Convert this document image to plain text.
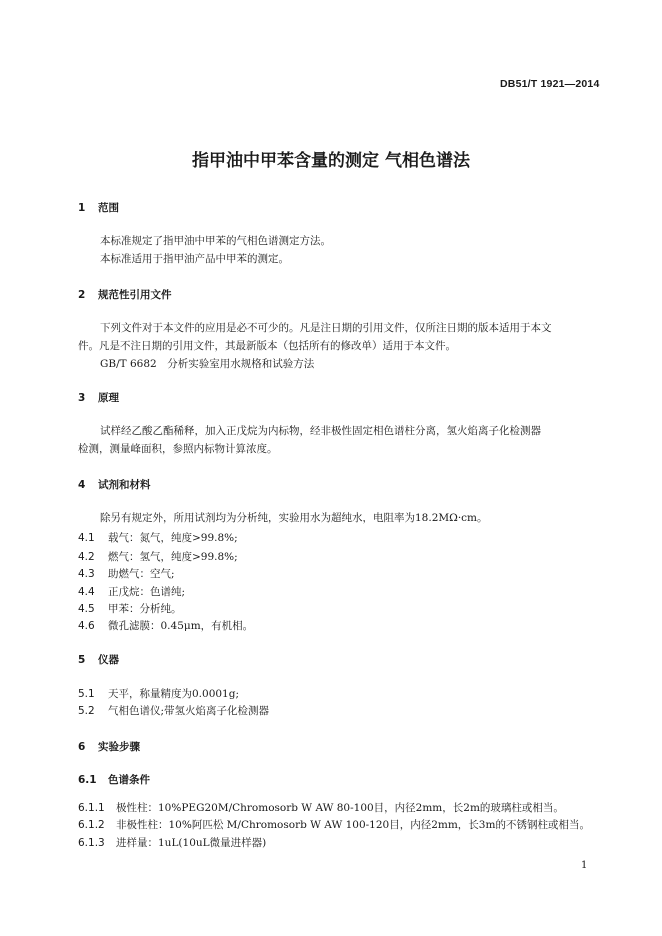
DB51/T 1921—2014
指甲油中甲苯含量的测定 气相色谱法
1 范围
本标准规定了指甲油中甲苯的气相色谱测定方法。
本标准适用于指甲油产品中甲苯的测定。
2 规范性引用文件
下列文件对于本文件的应用是必不可少的。凡是注日期的引用文件，仅所注日期的版本适用于本文
件。凡是不注日期的引用文件，其最新版本（包括所有的修改单）适用于本文件。
GB/T 6682　分析实验室用水规格和试验方法
3 原理
试样经乙酸乙酯稀释，加入正戊烷为内标物，经非极性固定相色谱柱分离，氢火焰离子化检测器
检测，测量峰面积，参照内标物计算浓度。
4 试剂和材料
除另有规定外，所用试剂均为分析纯，实验用水为超纯水，电阻率为18.2MΩ·cm。
4.1 载气：氮气，纯度>99.8%;
4.2 燃气：氢气，纯度>99.8%;
4.3 助燃气：空气;
4.4 正戊烷：色谱纯;
4.5 甲苯：分析纯。
4.6 微孔滤膜：0.45μm，有机相。
5 仪器
5.1 天平，称量精度为0.0001g;
5.2 气相色谱仪;带氢火焰离子化检测器
6 实验步骤
6.1 色谱条件
6.1.1 极性柱：10%PEG20M/Chromosorb W AW 80-100目，内径2mm，长2m的玻璃柱或相当。
6.1.2 非极性柱：10%阿匹松 M/Chromosorb W AW 100-120目，内径2mm，长3m的不锈钢柱或相当。
6.1.3 进样量：1uL(10uL微量进样器)
1
